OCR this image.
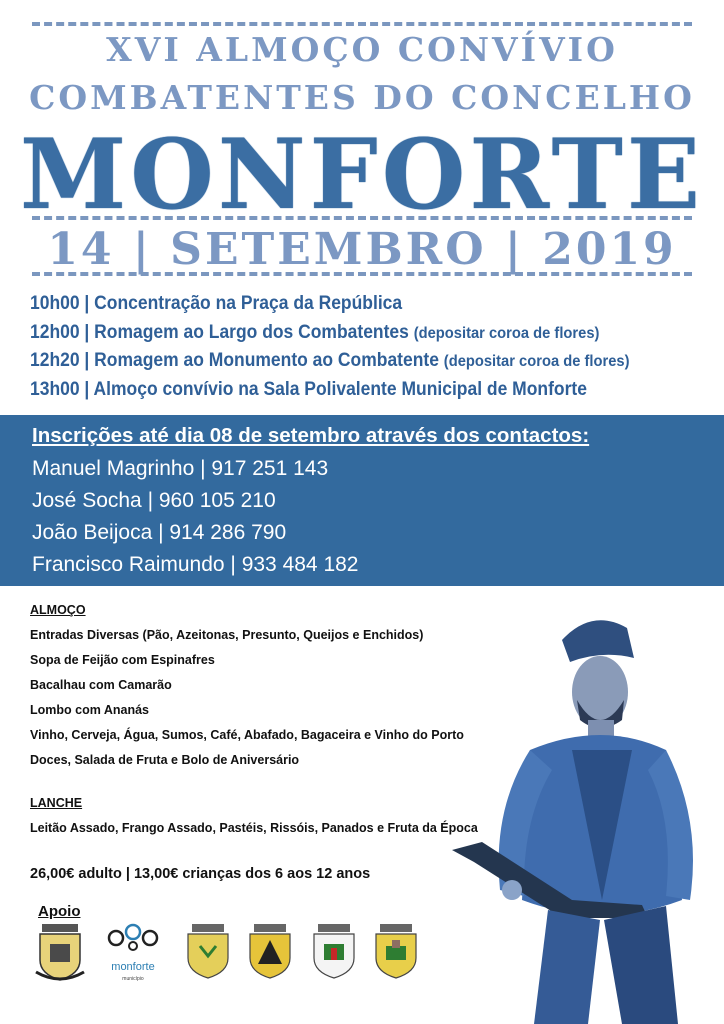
XVI ALMOÇO CONVÍVIO
COMBATENTES DO CONCELHO
MONFORTE
14 | SETEMBRO | 2019
10h00 | Concentração na Praça da República
12h00 | Romagem ao Largo dos Combatentes (depositar coroa de flores)
12h20 | Romagem ao Monumento ao Combatente (depositar coroa de flores)
13h00 | Almoço convívio na Sala Polivalente Municipal de Monforte
Inscrições até dia 08 de setembro através dos contactos:
Manuel Magrinho | 917 251 143
José Socha | 960 105 210
João Beijoca | 914 286 790
Francisco Raimundo | 933 484 182
ALMOÇO
Entradas Diversas (Pão, Azeitonas, Presunto, Queijos e Enchidos)
Sopa de Feijão com Espinafres
Bacalhau com Camarão
Lombo com Ananás
Vinho, Cerveja, Água, Sumos, Café, Abafado, Bagaceira e Vinho do Porto
Doces, Salada de Fruta e Bolo de Aniversário
LANCHE
Leitão Assado, Frango Assado, Pastéis, Rissóis, Panados e Fruta da Época
26,00€ adulto | 13,00€ crianças dos 6 aos 12 anos
Apoio
monforte
município
